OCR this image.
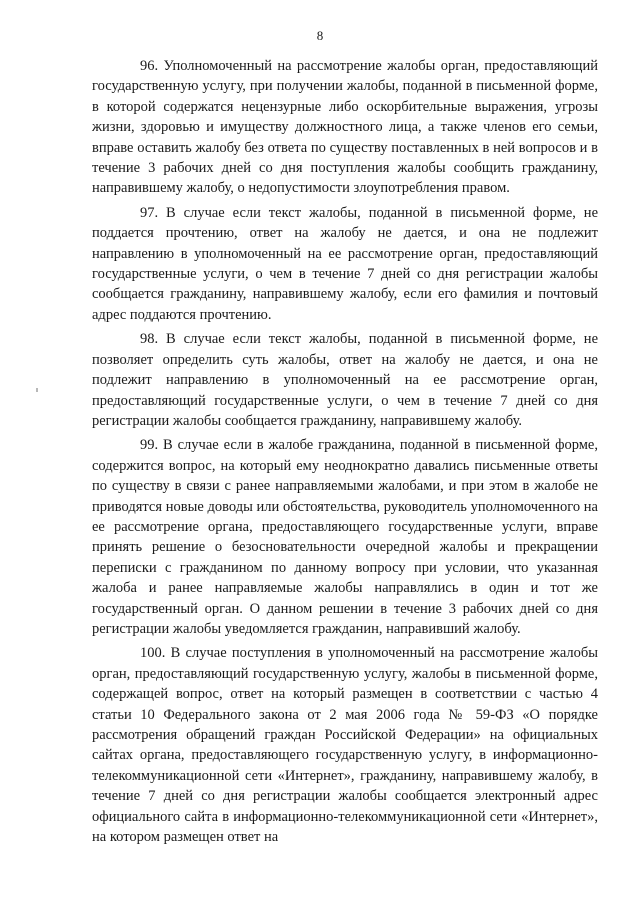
8

96. Уполномоченный на рассмотрение жалобы орган, предоставляющий государственную услугу, при получении жалобы, поданной в письменной форме, в которой содержатся нецензурные либо оскорбительные выражения, угрозы жизни, здоровью и имуществу должностного лица, а также членов его семьи, вправе оставить жалобу без ответа по существу поставленных в ней вопросов и в течение 3 рабочих дней со дня поступления жалобы сообщить гражданину, направившему жалобу, о недопустимости злоупотребления правом.

97. В случае если текст жалобы, поданной в письменной форме, не поддается прочтению, ответ на жалобу не дается, и она не подлежит направлению в уполномоченный на ее рассмотрение орган, предоставляющий государственные услуги, о чем в течение 7 дней со дня регистрации жалобы сообщается гражданину, направившему жалобу, если его фамилия и почтовый адрес поддаются прочтению.

98. В случае если текст жалобы, поданной в письменной форме, не позволяет определить суть жалобы, ответ на жалобу не дается, и она не подлежит направлению в уполномоченный на ее рассмотрение орган, предоставляющий государственные услуги, о чем в течение 7 дней со дня регистрации жалобы сообщается гражданину, направившему жалобу.

99. В случае если в жалобе гражданина, поданной в письменной форме, содержится вопрос, на который ему неоднократно давались письменные ответы по существу в связи с ранее направляемыми жалобами, и при этом в жалобе не приводятся новые доводы или обстоятельства, руководитель уполномоченного на ее рассмотрение органа, предоставляющего государственные услуги, вправе принять решение о безосновательности очередной жалобы и прекращении переписки с гражданином по данному вопросу при условии, что указанная жалоба и ранее направляемые жалобы направлялись в один и тот же государственный орган. О данном решении в течение 3 рабочих дней со дня регистрации жалобы уведомляется гражданин, направивший жалобу.

100. В случае поступления в уполномоченный на рассмотрение жалобы орган, предоставляющий государственную услугу, жалобы в письменной форме, содержащей вопрос, ответ на который размещен в соответствии с частью 4 статьи 10 Федерального закона от 2 мая 2006 года № 59-ФЗ «О порядке рассмотрения обращений граждан Российской Федерации» на официальных сайтах органа, предоставляющего государственную услугу, в информационно-телекоммуникационной сети «Интернет», гражданину, направившему жалобу, в течение 7 дней со дня регистрации жалобы сообщается электронный адрес официального сайта в информационно-телекоммуникационной сети «Интернет», на котором размещен ответ на
